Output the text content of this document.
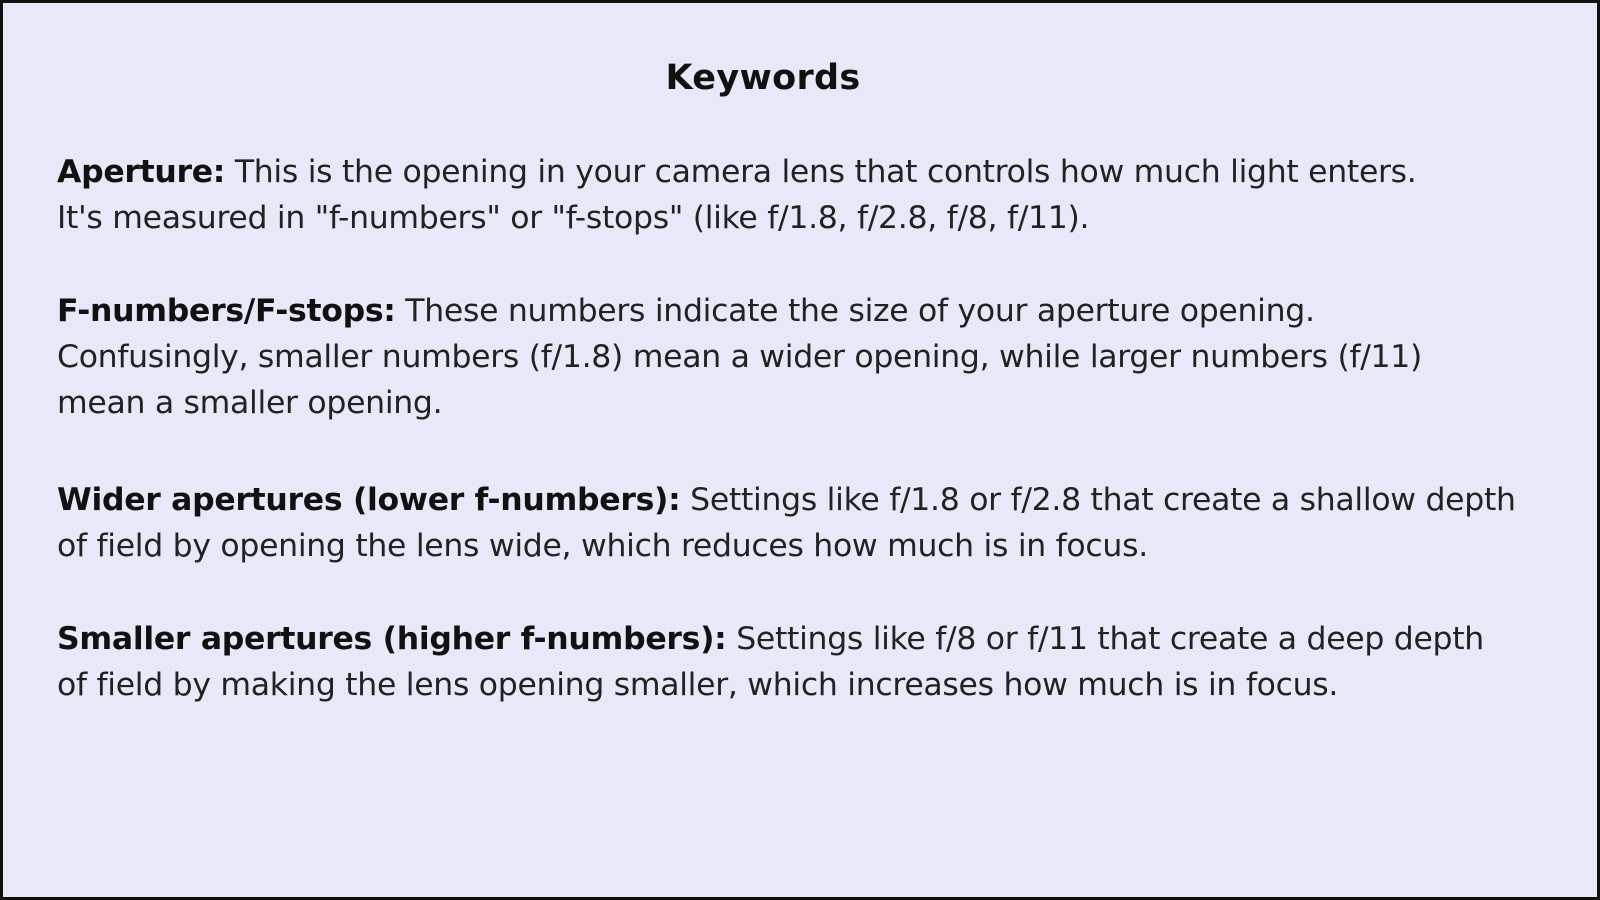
Keywords
Aperture: This is the opening in your camera lens that controls how much light enters.
It's measured in "f-numbers" or "f-stops" (like f/1.8, f/2.8, f/8, f/11).
F-numbers/F-stops: These numbers indicate the size of your aperture opening.
Confusingly, smaller numbers (f/1.8) mean a wider opening, while larger numbers (f/11)
mean a smaller opening.
Wider apertures (lower f-numbers): Settings like f/1.8 or f/2.8 that create a shallow depth
of field by opening the lens wide, which reduces how much is in focus.
Smaller apertures (higher f-numbers): Settings like f/8 or f/11 that create a deep depth
of field by making the lens opening smaller, which increases how much is in focus.
